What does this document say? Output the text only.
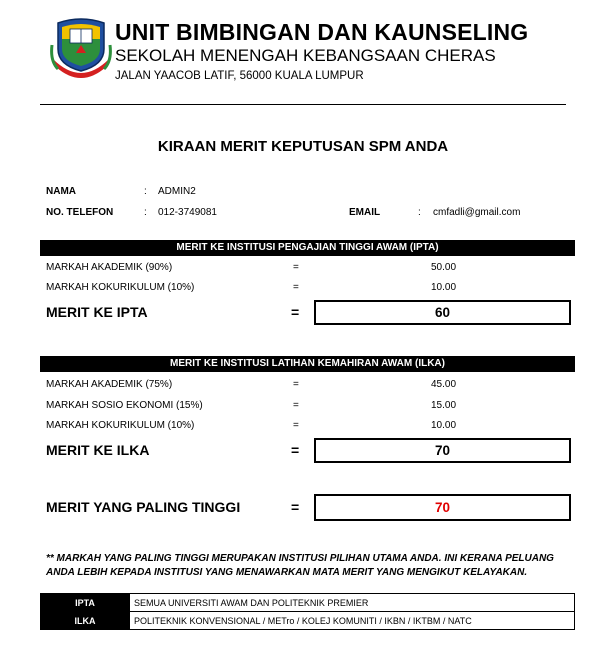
UNIT BIMBINGAN DAN KAUNSELING
SEKOLAH MENENGAH KEBANGSAAN CHERAS
JALAN YAACOB LATIF, 56000 KUALA LUMPUR
KIRAAN MERIT KEPUTUSAN SPM ANDA
NAMA	: ADMIN2
NO. TELEFON	: 012-3749081	EMAIL	: cmfadli@gmail.com
MERIT KE INSTITUSI PENGAJIAN TINGGI AWAM (IPTA)
MARKAH AKADEMIK (90%)	=	50.00
MARKAH KOKURIKULUM (10%)	=	10.00
MERIT KE IPTA	=	60
MERIT KE INSTITUSI LATIHAN KEMAHIRAN AWAM (ILKA)
MARKAH AKADEMIK (75%)	=	45.00
MARKAH SOSIO EKONOMI (15%)	=	15.00
MARKAH KOKURIKULUM (10%)	=	10.00
MERIT KE ILKA	=	70
MERIT YANG PALING TINGGI	=	70
** MARKAH YANG PALING TINGGI MERUPAKAN INSTITUSI PILIHAN UTAMA ANDA. INI KERANA PELUANG
ANDA LEBIH KEPADA INSTITUSI YANG MENAWARKAN MATA MERIT YANG MENGIKUT KELAYAKAN.
IPTA	SEMUA UNIVERSITI AWAM DAN POLITEKNIK PREMIER
ILKA	POLITEKNIK KONVENSIONAL / METro / KOLEJ KOMUNITI / IKBN / IKTBM / NATC
